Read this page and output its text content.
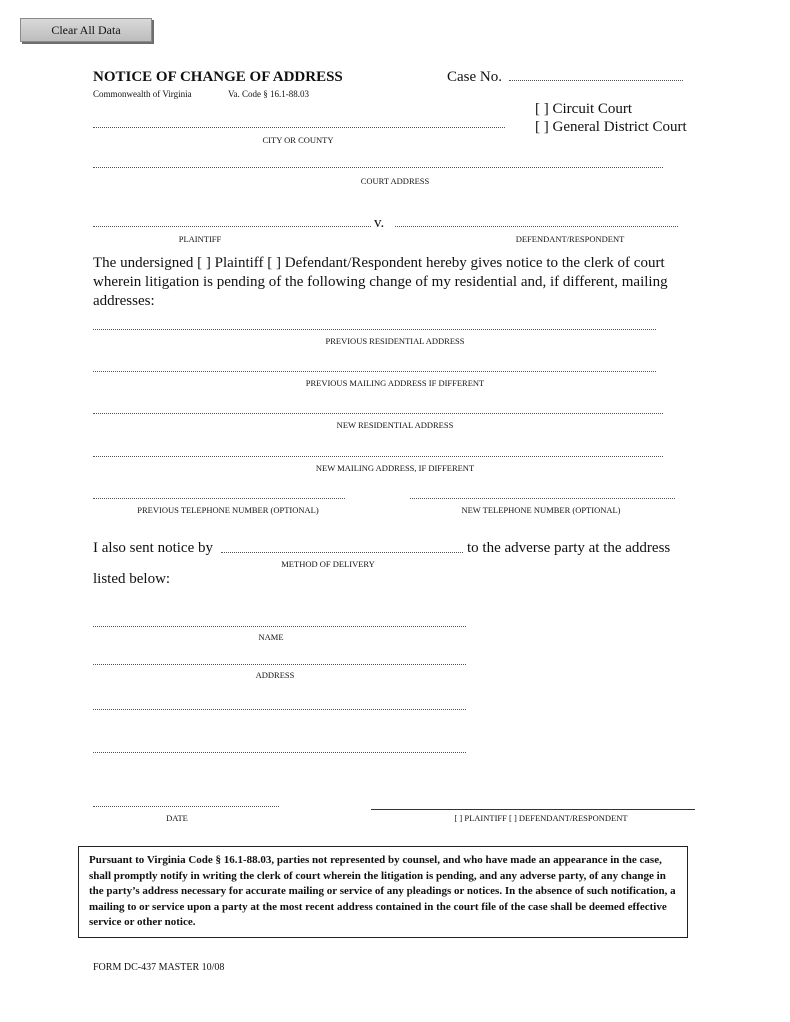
Clear All Data
NOTICE OF CHANGE OF ADDRESS
Commonwealth of Virginia	Va. Code § 16.1-88.03
Case No.
[ ] Circuit Court
[ ] General District Court
CITY OR COUNTY
COURT ADDRESS
v.
PLAINTIFF	DEFENDANT/RESPONDENT
The undersigned [ ] Plaintiff [ ] Defendant/Respondent hereby gives notice to the clerk of court wherein litigation is pending of the following change of my residential and, if different, mailing addresses:
PREVIOUS RESIDENTIAL ADDRESS
PREVIOUS MAILING ADDRESS IF DIFFERENT
NEW RESIDENTIAL ADDRESS
NEW MAILING ADDRESS, IF DIFFERENT
PREVIOUS TELEPHONE NUMBER (OPTIONAL)	NEW TELEPHONE NUMBER (OPTIONAL)
I also sent notice by	to the adverse party at the address
METHOD OF DELIVERY
listed below:
NAME
ADDRESS
DATE	[ ] PLAINTIFF [ ] DEFENDANT/RESPONDENT
Pursuant to Virginia Code § 16.1-88.03, parties not represented by counsel, and who have made an appearance in the case, shall promptly notify in writing the clerk of court wherein the litigation is pending, and any adverse party, of any change in the party’s address necessary for accurate mailing or service of any pleadings or notices. In the absence of such notification, a mailing to or service upon a party at the most recent address contained in the court file of the case shall be deemed effective service or other notice.
FORM DC-437 MASTER 10/08
